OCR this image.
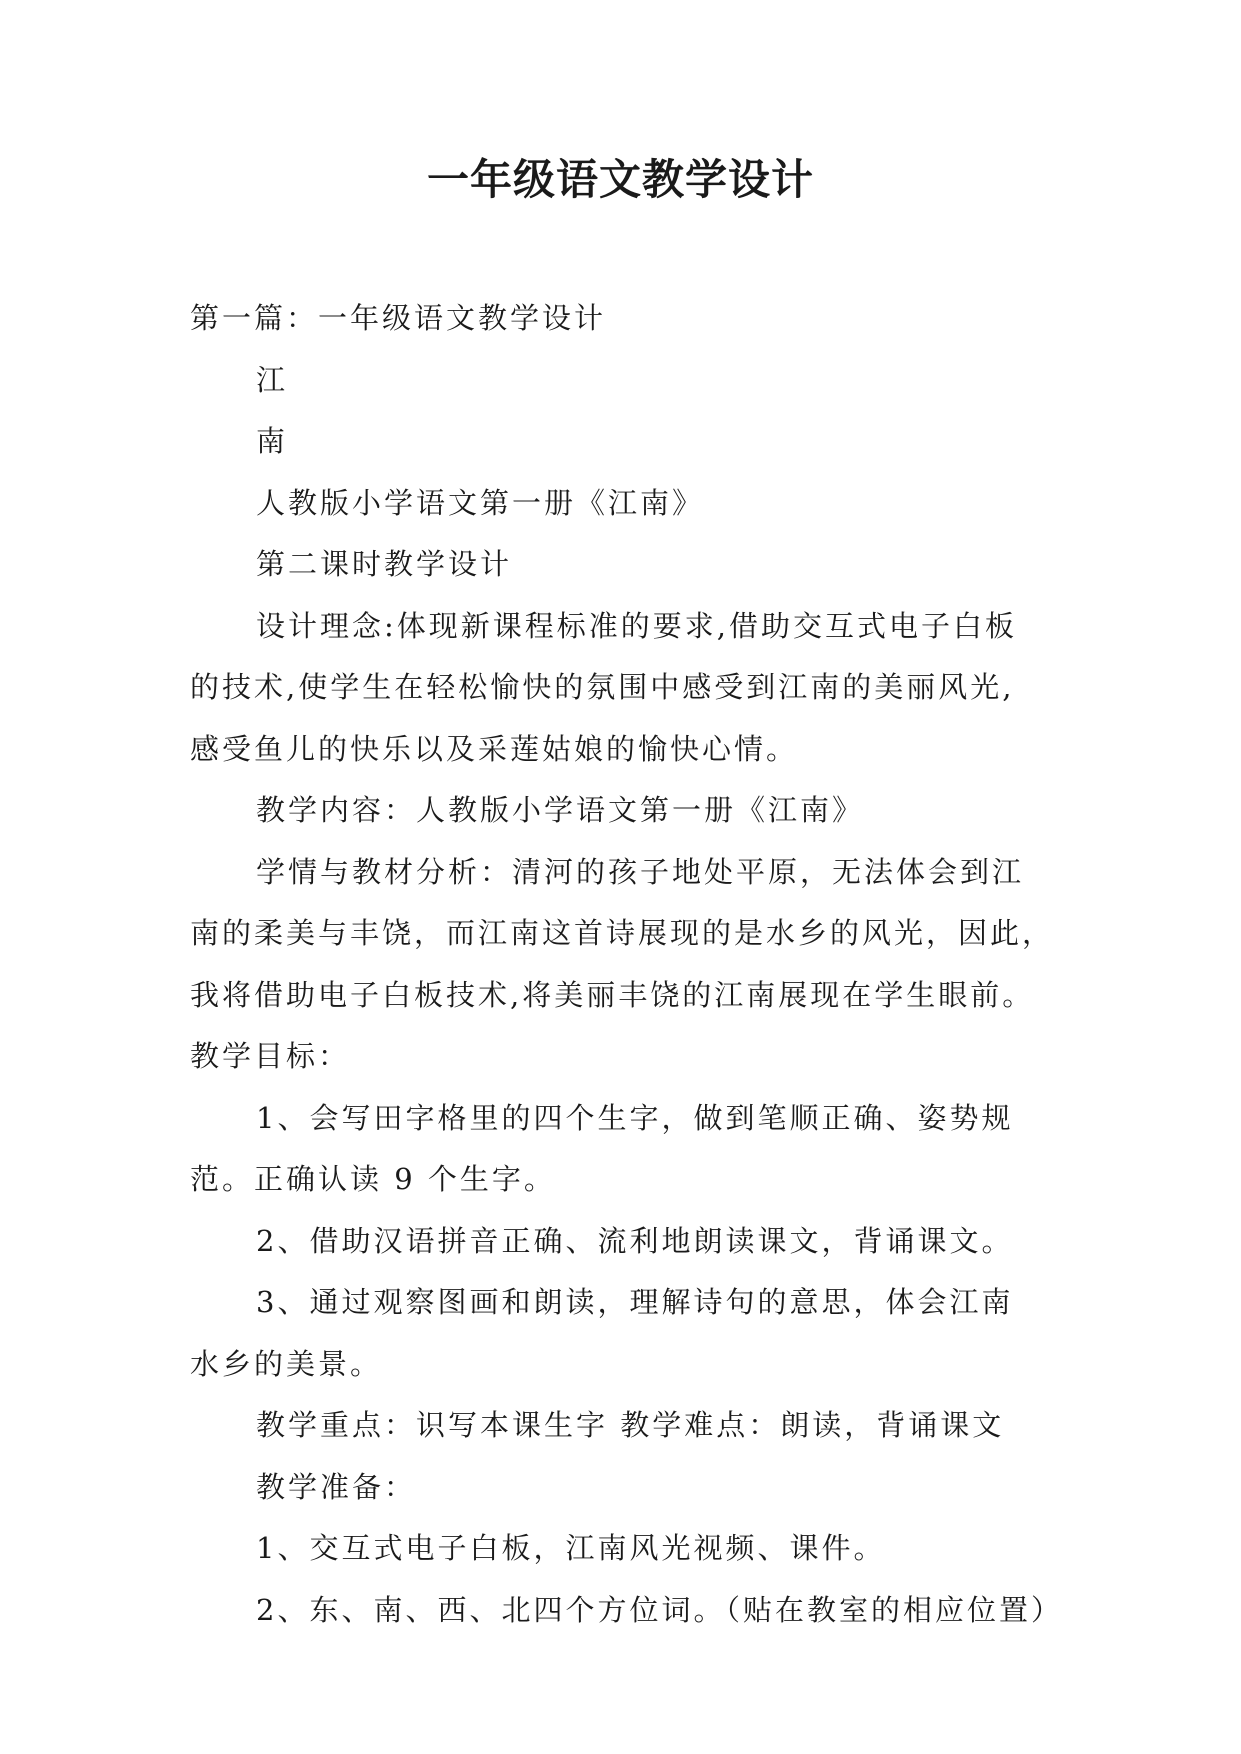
一年级语文教学设计

第一篇：一年级语文教学设计

江

南

人教版小学语文第一册《江南》

第二课时教学设计

设计理念:体现新课程标准的要求,借助交互式电子白板

的技术,使学生在轻松愉快的氛围中感受到江南的美丽风光,

感受鱼儿的快乐以及采莲姑娘的愉快心情。

教学内容：人教版小学语文第一册《江南》

学情与教材分析：清河的孩子地处平原，无法体会到江

南的柔美与丰饶，而江南这首诗展现的是水乡的风光，因此，

我将借助电子白板技术,将美丽丰饶的江南展现在学生眼前。

教学目标：

1、会写田字格里的四个生字，做到笔顺正确、姿势规

范。正确认读 9 个生字。

2、借助汉语拼音正确、流利地朗读课文，背诵课文。

3、通过观察图画和朗读，理解诗句的意思，体会江南

水乡的美景。

教学重点：识写本课生字 教学难点：朗读，背诵课文

教学准备：

1、交互式电子白板，江南风光视频、课件。

2、东、南、西、北四个方位词。（贴在教室的相应位置）
